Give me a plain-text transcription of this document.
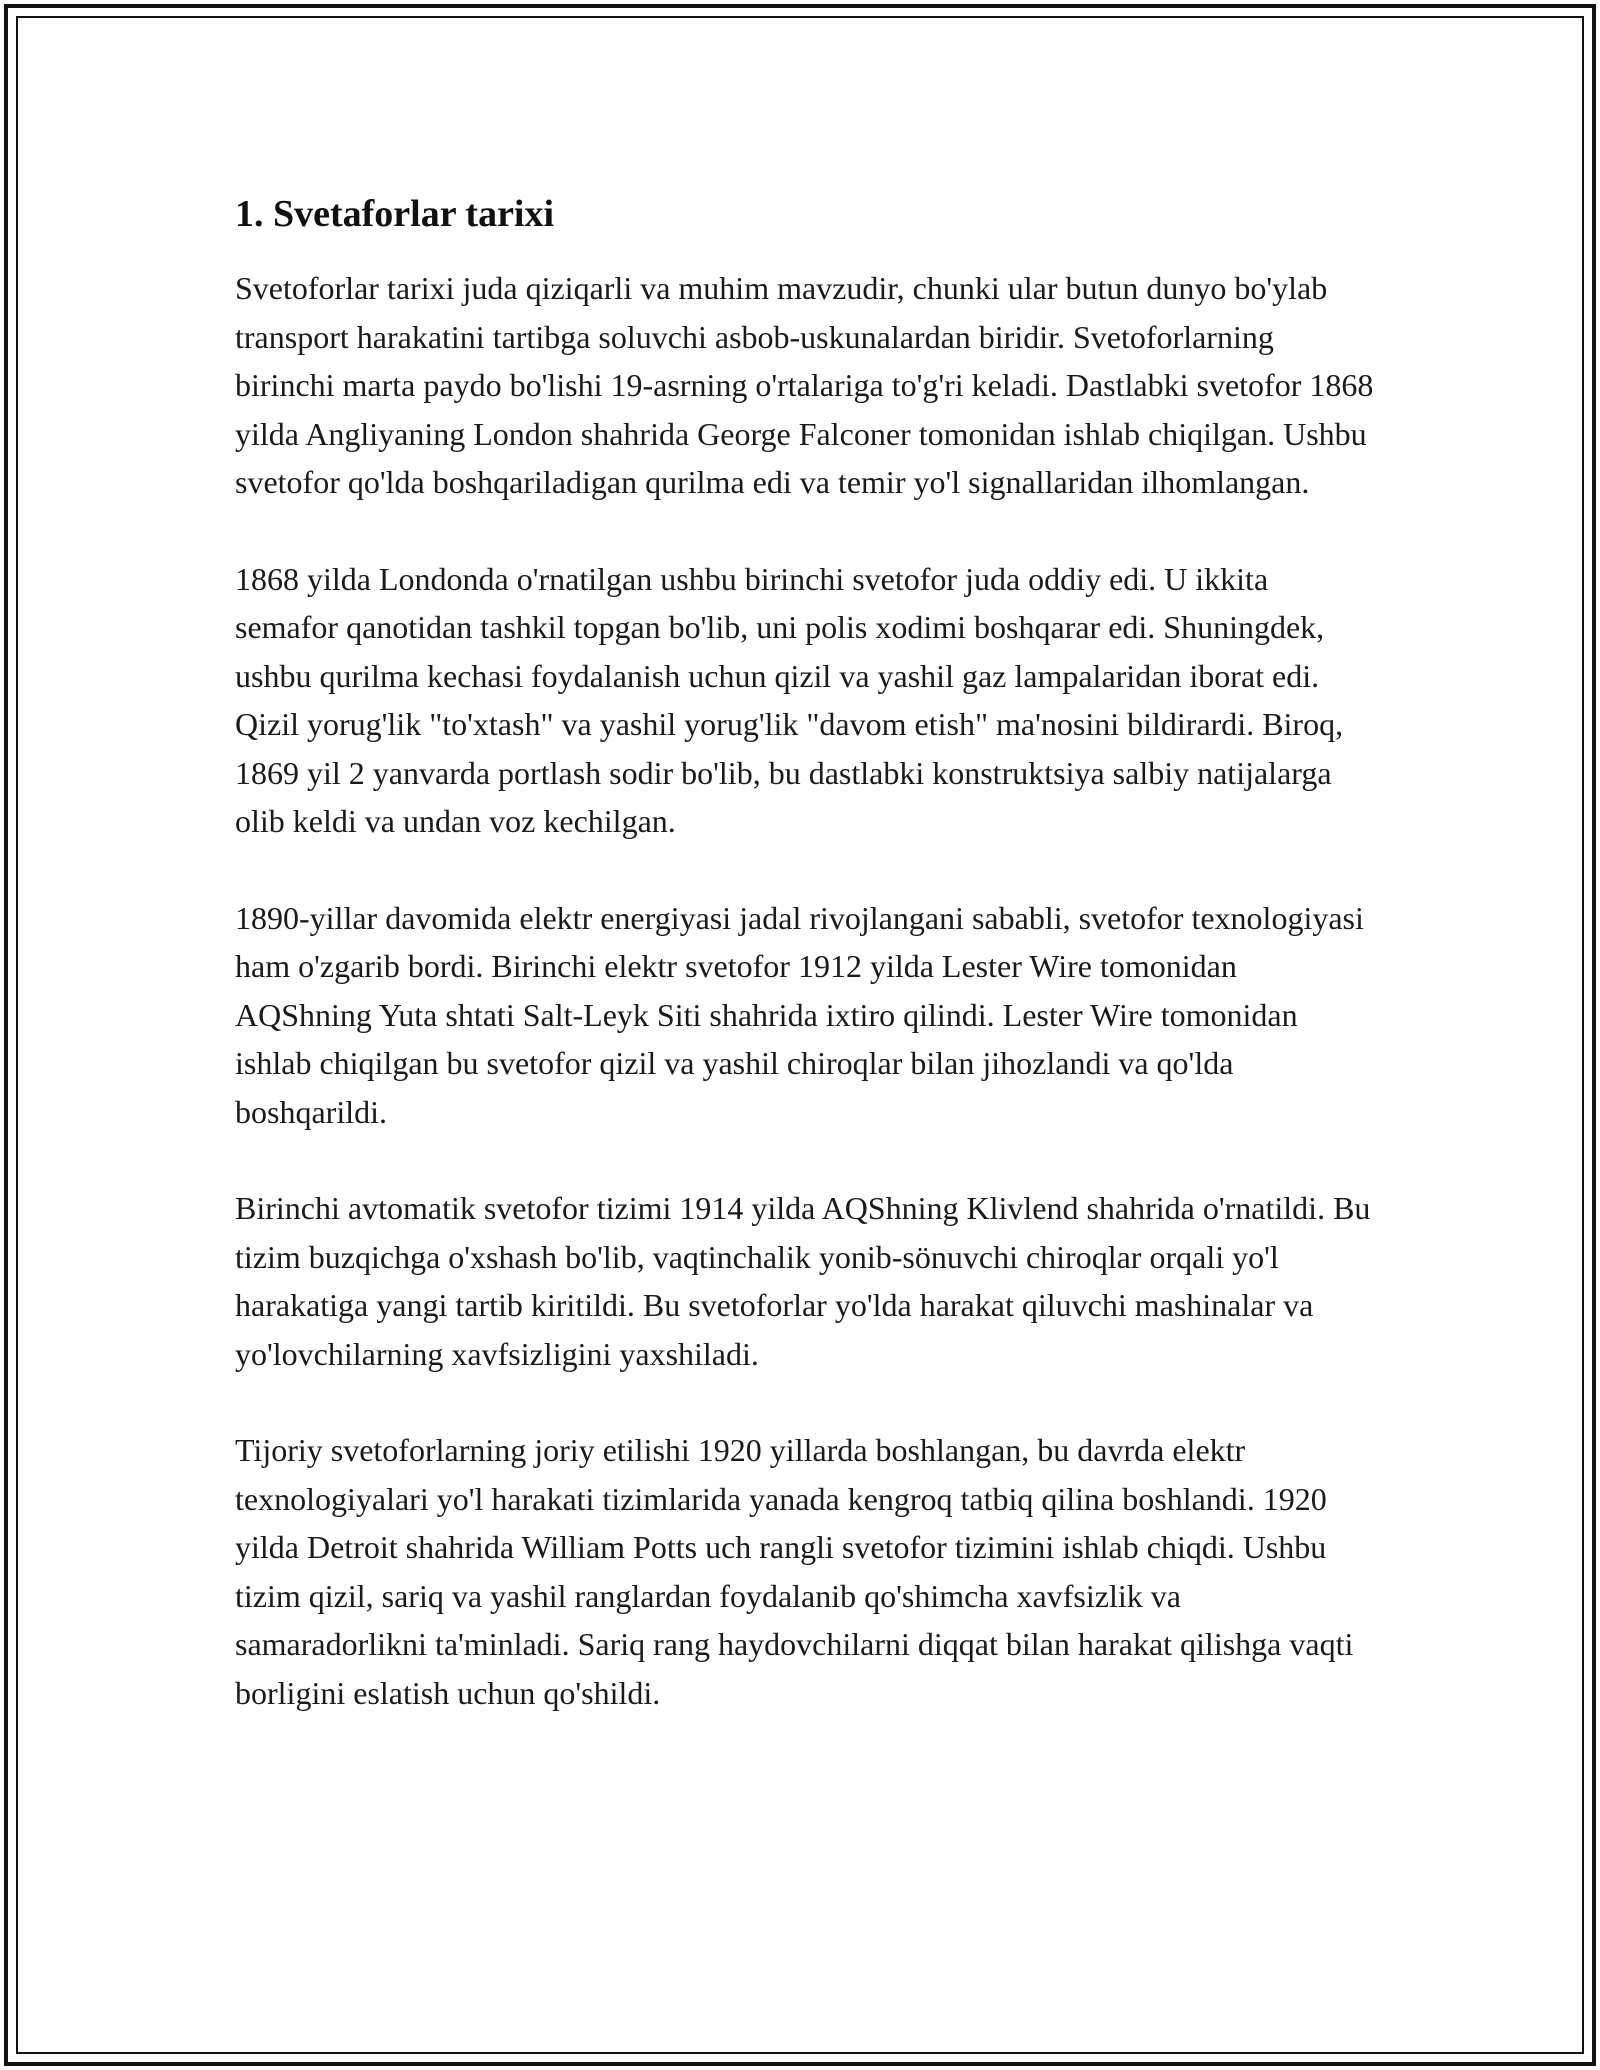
1. Svetaforlar tarixi

Svetoforlar tarixi juda qiziqarli va muhim mavzudir, chunki ular butun dunyo bo'ylab transport harakatini tartibga soluvchi asbob-uskunalardan biridir. Svetoforlarning birinchi marta paydo bo'lishi 19-asrning o'rtalariga to'g'ri keladi. Dastlabki svetofor 1868 yilda Angliyaning London shahrida George Falconer tomonidan ishlab chiqilgan. Ushbu svetofor qo'lda boshqariladigan qurilma edi va temir yo'l signallaridan ilhomlangan.

1868 yilda Londonda o'rnatilgan ushbu birinchi svetofor juda oddiy edi. U ikkita semafor qanotidan tashkil topgan bo'lib, uni polis xodimi boshqarar edi. Shuningdek, ushbu qurilma kechasi foydalanish uchun qizil va yashil gaz lampalaridan iborat edi. Qizil yorug'lik "to'xtash" va yashil yorug'lik "davom etish" ma'nosini bildirardi. Biroq, 1869 yil 2 yanvarda portlash sodir bo'lib, bu dastlabki konstruktsiya salbiy natijalarga olib keldi va undan voz kechilgan.

1890-yillar davomida elektr energiyasi jadal rivojlangani sababli, svetofor texnologiyasi ham o'zgarib bordi. Birinchi elektr svetofor 1912 yilda Lester Wire tomonidan AQShning Yuta shtati Salt-Leyk Siti shahrida ixtiro qilindi. Lester Wire tomonidan ishlab chiqilgan bu svetofor qizil va yashil chiroqlar bilan jihozlandi va qo'lda boshqarildi.

Birinchi avtomatik svetofor tizimi 1914 yilda AQShning Klivlend shahrida o'rnatildi. Bu tizim buzqichga o'xshash bo'lib, vaqtinchalik yonib-sönuvchi chiroqlar orqali yo'l harakatiga yangi tartib kiritildi. Bu svetoforlar yo'lda harakat qiluvchi mashinalar va yo'lovchilarning xavfsizligini yaxshiladi.

Tijoriy svetoforlarning joriy etilishi 1920 yillarda boshlangan, bu davrda elektr texnologiyalari yo'l harakati tizimlarida yanada kengroq tatbiq qilina boshlandi. 1920 yilda Detroit shahrida William Potts uch rangli svetofor tizimini ishlab chiqdi. Ushbu tizim qizil, sariq va yashil ranglardan foydalanib qo'shimcha xavfsizlik va samaradorlikni ta'minladi. Sariq rang haydovchilarni diqqat bilan harakat qilishga vaqti borligini eslatish uchun qo'shildi.
